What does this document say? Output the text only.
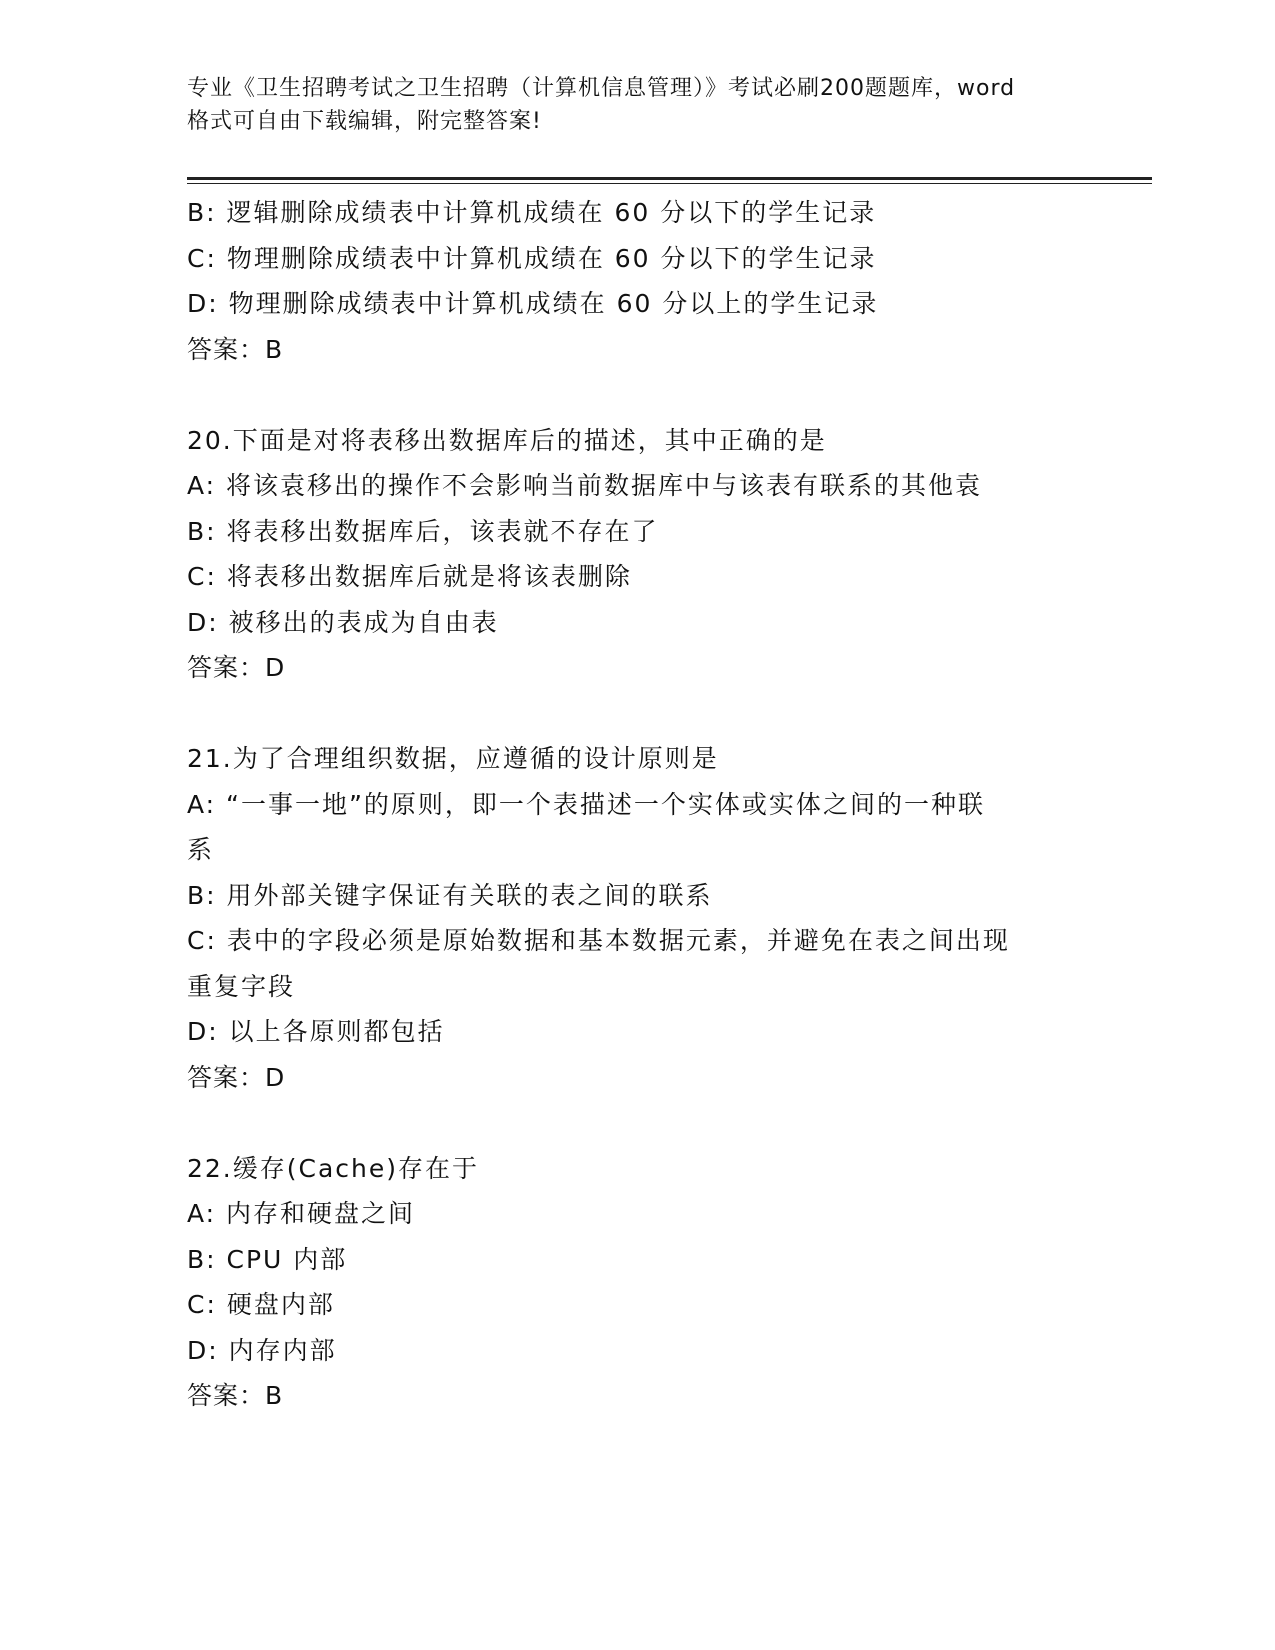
专业《卫生招聘考试之卫生招聘（计算机信息管理）》考试必刷200题题库，word
格式可自由下载编辑，附完整答案!
B: 逻辑删除成绩表中计算机成绩在 60 分以下的学生记录
C: 物理删除成绩表中计算机成绩在 60 分以下的学生记录
D: 物理删除成绩表中计算机成绩在 60 分以上的学生记录
答案：B
20.下面是对将表移出数据库后的描述，其中正确的是
A: 将该袁移出的操作不会影响当前数据库中与该表有联系的其他袁
B: 将表移出数据库后，该表就不存在了
C: 将表移出数据库后就是将该表删除
D: 被移出的表成为自由表
答案：D
21.为了合理组织数据，应遵循的设计原则是
A: “一事一地”的原则，即一个表描述一个实体或实体之间的一种联
系
B: 用外部关键字保证有关联的表之间的联系
C: 表中的字段必须是原始数据和基本数据元素，并避免在表之间出现
重复字段
D: 以上各原则都包括
答案：D
22.缓存(Cache)存在于
A: 内存和硬盘之间
B: CPU 内部
C: 硬盘内部
D: 内存内部
答案：B
